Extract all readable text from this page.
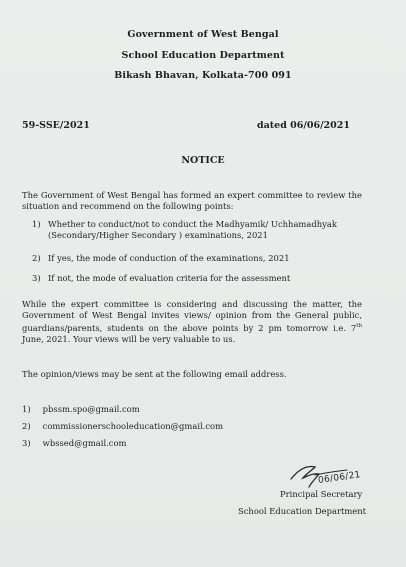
Government of West Bengal
School Education Department
Bikash Bhavan, Kolkata-700 091
59-SSE/2021	dated 06/06/2021
NOTICE
The Government of West Bengal has formed an expert committee to review the situation and recommend on the following points:
1) Whether to conduct/not to conduct the Madhyamik/ Uchhamadhyak (Secondary/Higher Secondary ) examinations, 2021
2) If yes, the mode of conduction of the examinations, 2021
3) If not, the mode of evaluation criteria for the assessment
While the expert committee is considering and discussing the matter, the Government of West Bengal invites views/ opinion from the General public, guardians/parents, students on the above points by 2 pm tomorrow i.e. 7th June, 2021. Your views will be very valuable to us.
The opinion/views may be sent at the following email address.
1) pbssm.spo@gmail.com
2) commissionerschooleducation@gmail.com
3) wbssed@gmail.com
06/06/21
Principal Secretary
School Education Department
